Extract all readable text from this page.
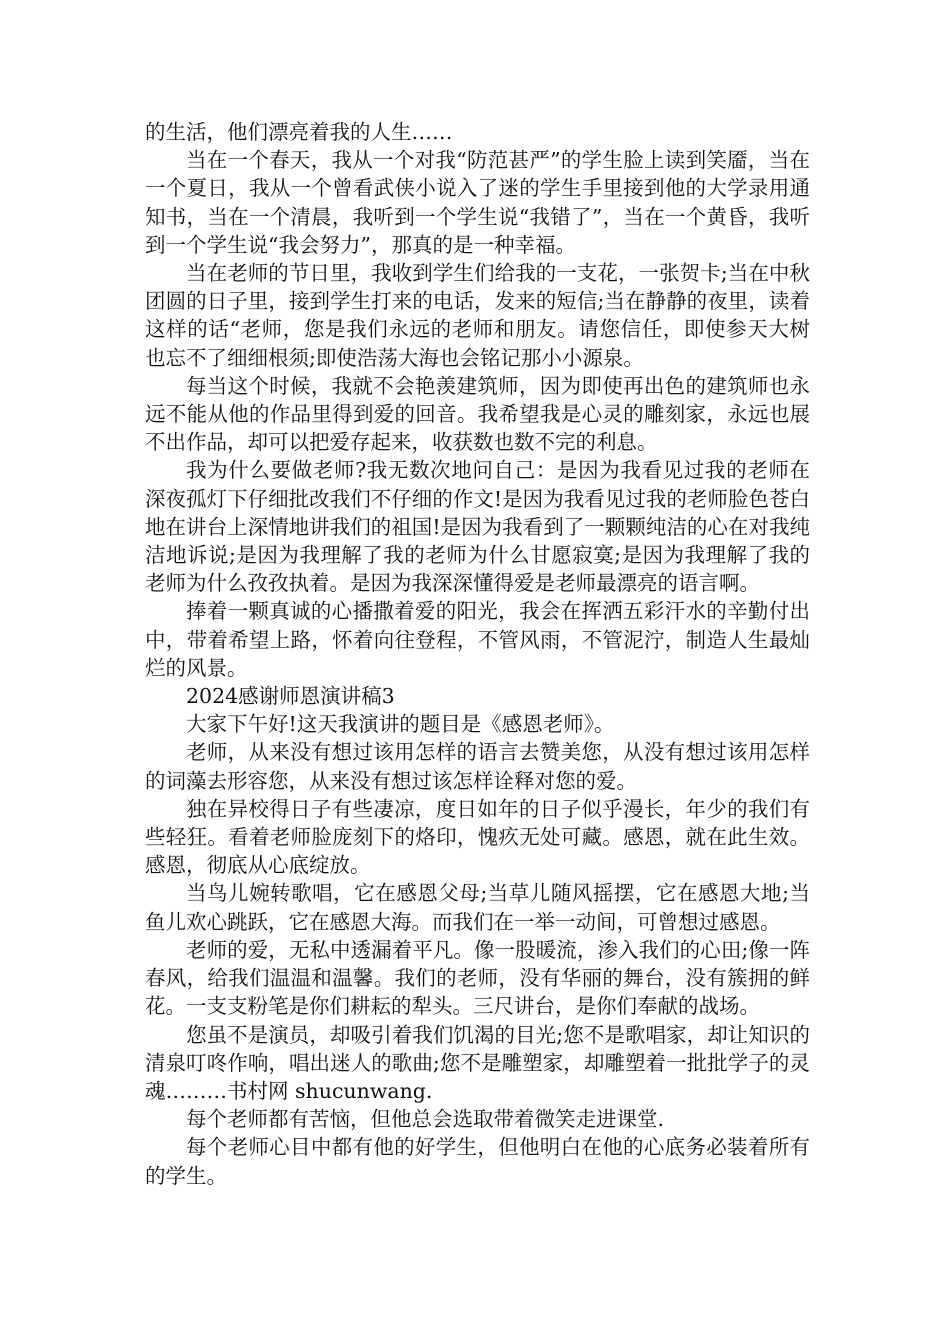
的生活，他们漂亮着我的人生……

当在一个春天，我从一个对我“防范甚严”的学生脸上读到笑靥，当在一个夏日，我从一个曾看武侠小说入了迷的学生手里接到他的大学录用通知书，当在一个清晨，我听到一个学生说“我错了”，当在一个黄昏，我听到一个学生说“我会努力”，那真的是一种幸福。

当在老师的节日里，我收到学生们给我的一支花，一张贺卡;当在中秋团圆的日子里，接到学生打来的电话，发来的短信;当在静静的夜里，读着这样的话“老师，您是我们永远的老师和朋友。请您信任，即使参天大树也忘不了细细根须;即使浩荡大海也会铭记那小小源泉。

每当这个时候，我就不会艳羡建筑师，因为即使再出色的建筑师也永远不能从他的作品里得到爱的回音。我希望我是心灵的雕刻家，永远也展不出作品，却可以把爱存起来，收获数也数不完的利息。

我为什么要做老师?我无数次地问自己：是因为我看见过我的老师在深夜孤灯下仔细批改我们不仔细的作文!是因为我看见过我的老师脸色苍白地在讲台上深情地讲我们的祖国!是因为我看到了一颗颗纯洁的心在对我纯洁地诉说;是因为我理解了我的老师为什么甘愿寂寞;是因为我理解了我的老师为什么孜孜执着。是因为我深深懂得爱是老师最漂亮的语言啊。

捧着一颗真诚的心播撒着爱的阳光，我会在挥洒五彩汗水的辛勤付出中，带着希望上路，怀着向往登程，不管风雨，不管泥泞，制造人生最灿烂的风景。

2024感谢师恩演讲稿3

大家下午好!这天我演讲的题目是《感恩老师》。

老师，从来没有想过该用怎样的语言去赞美您，从没有想过该用怎样的词藻去形容您，从来没有想过该怎样诠释对您的爱。

独在异校得日子有些凄凉，度日如年的日子似乎漫长，年少的我们有些轻狂。看着老师脸庞刻下的烙印，愧疚无处可藏。感恩，就在此生效。感恩，彻底从心底绽放。

当鸟儿婉转歌唱，它在感恩父母;当草儿随风摇摆，它在感恩大地;当鱼儿欢心跳跃，它在感恩大海。而我们在一举一动间，可曾想过感恩。

老师的爱，无私中透漏着平凡。像一股暖流，渗入我们的心田;像一阵春风，给我们温温和温馨。我们的老师，没有华丽的舞台，没有簇拥的鲜花。一支支粉笔是你们耕耘的犁头。三尺讲台，是你们奉献的战场。

您虽不是演员，却吸引着我们饥渴的目光;您不是歌唱家，却让知识的清泉叮咚作响，唱出迷人的歌曲;您不是雕塑家，却雕塑着一批批学子的灵魂………书村网 shucunwang.

每个老师都有苦恼，但他总会选取带着微笑走进课堂.

每个老师心目中都有他的好学生，但他明白在他的心底务必装着所有的学生。
